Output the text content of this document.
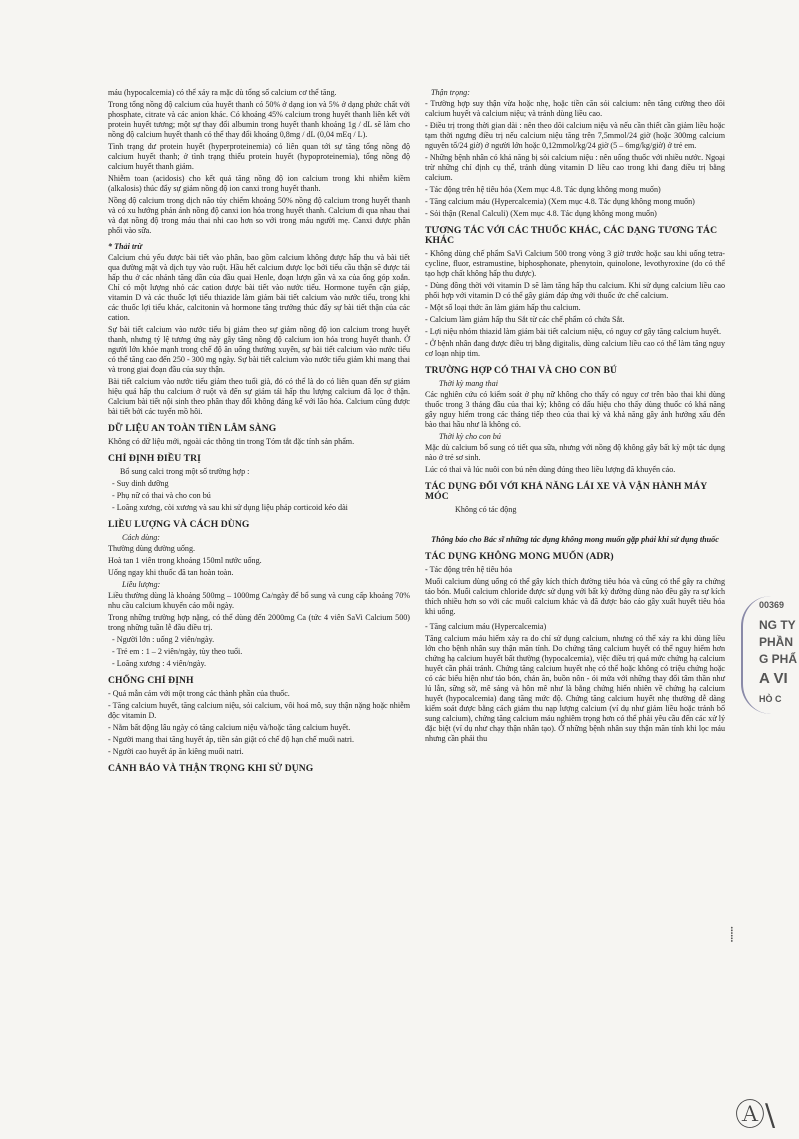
máu (hypocalcemia) có thể xảy ra mặc dù tổng số calcium cơ thể tăng.

Trong tổng nồng độ calcium của huyết thanh có 50% ở dạng ion và 5% ở dạng phức chất với phosphate, citrate và các anion khác. Có khoảng 45% calcium trong huyết thanh liên kết với protein huyết tương; một sự thay đổi albumin trong huyết thanh khoảng 1g / dL sẽ làm cho nồng độ calcium huyết thanh có thể thay đổi khoảng 0,8mg / dL (0,04 mEq / L).

Tình trạng dư protein huyết (hyperproteinemia) có liên quan tới sự tăng tổng nồng độ calcium huyết thanh; ở tình trạng thiếu protein huyết (hypoproteinemia), tổng nồng độ calcium huyết thanh giảm.

Nhiễm toan (acidosis) cho kết quả tăng nồng độ ion calcium trong khi nhiễm kiềm (alkalosis) thúc đẩy sự giảm nồng độ ion canxi trong huyết thanh.

Nồng độ calcium trong dịch não tủy chiếm khoảng 50% nồng độ calcium trong huyết thanh và có xu hướng phản ánh nồng độ canxi ion hóa trong huyết thanh. Calcium đi qua nhau thai và đạt nồng độ trong máu thai nhi cao hơn so với trong máu người mẹ. Canxi được phân phối vào sữa.

* Thải trừ

Calcium chủ yếu được bài tiết vào phân, bao gồm calcium không được hấp thu và bài tiết qua đường mật và dịch tụy vào ruột. Hầu hết calcium được lọc bởi tiểu cầu thận sẽ được tái hấp thu ở các nhánh tăng dần của đầu quai Henle, đoạn lượn gần và xa của ống góp xoắn. Chỉ có một lượng nhỏ các cation được bài tiết vào nước tiểu. Hormone tuyến cận giáp, vitamin D và các thuốc lợi tiểu thiazide làm giảm bài tiết calcium vào nước tiểu, trong khi các thuốc lợi tiểu khác, calcitonin và hormone tăng trưởng thúc đẩy sự bài tiết thận của các cation.

Sự bài tiết calcium vào nước tiểu bị giảm theo sự giảm nồng độ ion calcium trong huyết thanh, nhưng tỷ lệ tương ứng này gây tăng nồng độ calcium ion hóa trong huyết thanh. Ở người lớn khỏe mạnh trong chế độ ăn uống thường xuyên, sự bài tiết calcium vào nước tiểu có thể tăng cao đến 250 - 300 mg ngày. Sự bài tiết calcium vào nước tiểu giảm khi mang thai và trong giai đoạn đầu của suy thận.

Bài tiết calcium vào nước tiểu giảm theo tuổi già, đó có thể là do có liên quan đến sự giảm hiệu quả hấp thu calcium ở ruột và đến sự giảm tái hấp thu lượng calcium đã lọc ở thận. Calcium bài tiết nội sinh theo phân thay đổi không đáng kể với lão hóa. Calcium cũng được bài tiết bởi các tuyến mồ hôi.

DỮ LIỆU AN TOÀN TIỀN LÂM SÀNG

Không có dữ liệu mới, ngoài các thông tin trong Tóm tắt đặc tính sản phẩm.

CHỈ ĐỊNH ĐIỀU TRỊ

Bổ sung calci trong một số trường hợp :

- Suy dinh dưỡng

- Phụ nữ có thai và cho con bú

- Loãng xương, còi xương và sau khi sử dụng liệu pháp corticoid kéo dài

LIỀU LƯỢNG VÀ CÁCH DÙNG

Cách dùng:

Thường dùng đường uống.

Hoà tan 1 viên trong khoảng 150ml nước uống.

Uống ngay khi thuốc đã tan hoàn toàn.

Liều lượng:

Liều thường dùng là khoảng 500mg – 1000mg Ca/ngày để bổ sung và cung cấp khoảng 70% nhu cầu calcium khuyến cáo mỗi ngày.

Trong những trường hợp nặng, có thể dùng đến 2000mg Ca (tức 4 viên SaVi Calcium 500) trong những tuần lễ đầu điều trị.

- Người lớn : uống 2 viên/ngày.

- Trẻ em : 1 – 2 viên/ngày, tùy theo tuổi.

- Loãng xương : 4 viên/ngày.

CHỐNG CHỈ ĐỊNH

- Quá mẫn cảm với một trong các thành phần của thuốc.

- Tăng calcium huyết, tăng calcium niệu, sỏi calcium, vôi hoá mô, suy thận nặng hoặc nhiễm độc vitamin D.

- Nằm bất động lâu ngày có tăng calcium niệu và/hoặc tăng calcium huyết.

- Người mang thai tăng huyết áp, tiền sản giật có chế độ hạn chế muối natri.

- Người cao huyết áp ăn kiêng muối natri.

CẢNH BÁO VÀ THẬN TRỌNG KHI SỬ DỤNG

Thận trọng:

- Trường hợp suy thận vừa hoặc nhẹ, hoặc tiền căn sỏi calcium: nên tăng cường theo dõi calcium huyết và calcium niệu; và tránh dùng liều cao.

- Điều trị trong thời gian dài : nên theo dõi calcium niệu và nếu cần thiết cần giảm liều hoặc tạm thời ngưng điều trị nếu calcium niệu tăng trên 7,5mmol/24 giờ (hoặc 300mg calcium nguyên tố/24 giờ) ở người lớn hoặc 0,12mmol/kg/24 giờ (5 – 6mg/kg/giờ) ở trẻ em.

- Những bệnh nhân có khả năng bị sỏi calcium niệu : nên uống thuốc với nhiều nước. Ngoại trừ những chỉ định cụ thể, tránh dùng vitamin D liều cao trong khi đang điều trị bằng calcium.

- Tác động trên hệ tiêu hóa (Xem mục 4.8. Tác dụng không mong muốn)

- Tăng calcium máu (Hypercalcemia) (Xem mục 4.8. Tác dụng không mong muốn)

- Sỏi thận (Renal Calculi) (Xem mục 4.8. Tác dụng không mong muốn)

TƯƠNG TÁC VỚI CÁC THUỐC KHÁC, CÁC DẠNG TƯƠNG TÁC KHÁC

- Không dùng chế phẩm SaVi Calcium 500 trong vòng 3 giờ trước hoặc sau khi uống tetra-cycline, fluor, estramustine, biphosphonate, phenytoin, quinolone, levothyroxine (do có thể tạo hợp chất không hấp thu được).

- Dùng đồng thời với vitamin D sẽ làm tăng hấp thu calcium. Khi sử dụng calcium liều cao phối hợp với vitamin D có thể gây giảm đáp ứng với thuốc ức chế calcium.

- Một số loại thức ăn làm giảm hấp thu calcium.

- Calcium làm giảm hấp thu Sắt từ các chế phẩm có chứa Sắt.

- Lợi niệu nhóm thiazid làm giảm bài tiết calcium niệu, có nguy cơ gây tăng calcium huyết.

- Ở bệnh nhân đang được điều trị bằng digitalis, dùng calcium liều cao có thể làm tăng nguy cơ loạn nhịp tim.

TRƯỜNG HỢP CÓ THAI VÀ CHO CON BÚ

Thời kỳ mang thai

Các nghiên cứu có kiểm soát ở phụ nữ không cho thấy có nguy cơ trên bào thai khi dùng thuốc trong 3 tháng đầu của thai kỳ; không có dấu hiệu cho thấy dùng thuốc có khả năng gây nguy hiểm trong các tháng tiếp theo của thai kỳ và khả năng gây ảnh hưởng xấu đến bào thai hầu như là không có.

Thời kỳ cho con bú

Mặc dù calcium bổ sung có tiết qua sữa, nhưng với nồng độ không gây bất kỳ một tác dụng nào ở trẻ sơ sinh.

Lúc có thai và lúc nuôi con bú nên dùng đúng theo liều lượng đã khuyến cáo.

TÁC DỤNG ĐỐI VỚI KHẢ NĂNG LÁI XE VÀ VẬN HÀNH MÁY MÓC

Không có tác động

Thông báo cho Bác sĩ những tác dụng không mong muốn gặp phải khi sử dụng thuốc

TÁC DỤNG KHÔNG MONG MUỐN (ADR)

- Tác động trên hệ tiêu hóa

Muối calcium dùng uống có thể gây kích thích đường tiêu hóa và cũng có thể gây ra chứng táo bón. Muối calcium chloride được sử dụng với bất kỳ đường dùng nào đều gây ra sự kích thích nhiều hơn so với các muối calcium khác và đã được báo cáo gây xuất huyết tiêu hóa khi uống.

- Tăng calcium máu (Hypercalcemia)

Tăng calcium máu hiếm xảy ra do chỉ sử dụng calcium, nhưng có thể xảy ra khi dùng liều lớn cho bệnh nhân suy thận mãn tính. Do chứng tăng calcium huyết có thể nguy hiểm hơn chứng hạ calcium huyết bất thường (hypocalcemia), việc điều trị quá mức chứng hạ calcium huyết cần phải tránh. Chứng tăng calcium huyết nhẹ có thể hoặc không có triệu chứng hoặc có các biểu hiện như táo bón, chán ăn, buồn nôn - ói mửa với những thay đổi tâm thần như lú lẫn, sững sờ, mê sảng và hôn mê như là bằng chứng hiển nhiên về chứng hạ calcium huyết (hypocalcemia) đang tăng mức độ. Chứng tăng calcium huyết nhẹ thường dễ dàng kiểm soát được bằng cách giảm thu nạp lượng calcium (ví dụ như giảm liều hoặc tránh bổ sung calcium), chứng tăng calcium máu nghiêm trọng hơn có thể phải yêu cầu đến các xử lý đặc biệt (ví dụ như chạy thận nhân tạo). Ở những bệnh nhân suy thận mãn tính khi lọc máu nhưng cần phải thu

00369
NG TY
PHẦN
G PHẨ
A VI
HÒ C
⸽
Ⓐ\
